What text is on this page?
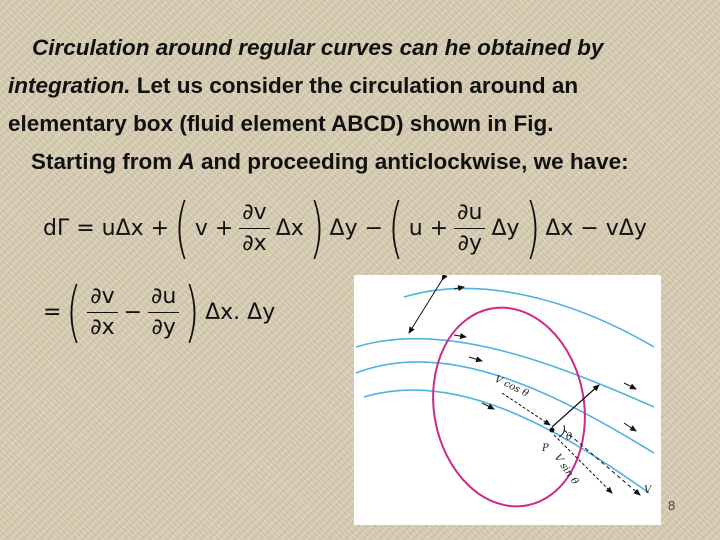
Circulation around regular curves can he obtained by
integration. Let us consider the circulation around an
elementary box (fluid element ABCD) shown in Fig.
Starting from A and proceeding anticlockwise, we have:
dΓ = uΔx + ( $v + \frac{\partial v}{\partial x}$ Δx ) Δy − ( $u + \frac{\partial u}{\partial y}$ Δy ) Δx − vΔy
= ( $\frac{\partial v}{\partial x} - \frac{\partial u}{\partial y}$ ) Δx. Δy
V cos θ
θ
P
V sin θ
V
8
